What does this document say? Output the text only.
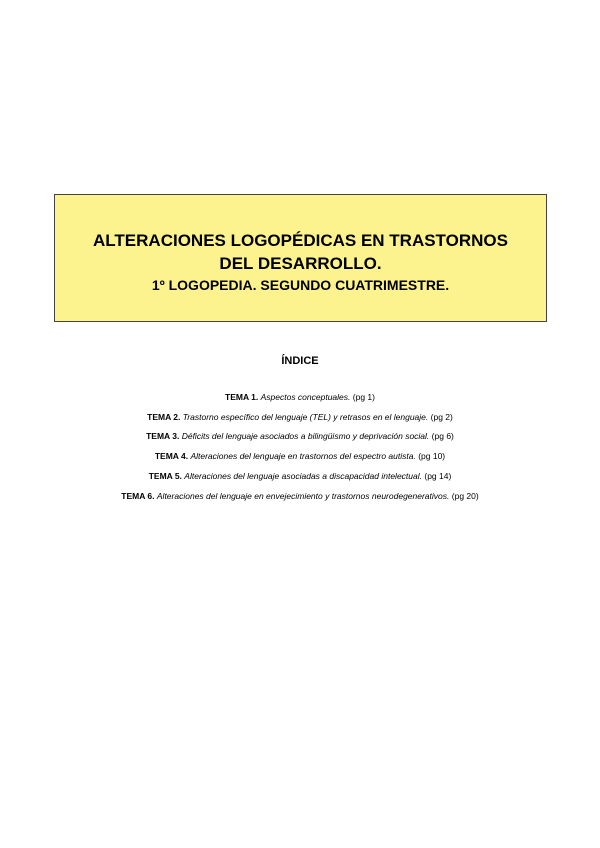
ALTERACIONES LOGOPÉDICAS EN TRASTORNOS DEL DESARROLLO.
1º LOGOPEDIA. SEGUNDO CUATRIMESTRE.
ÍNDICE
TEMA 1. Aspectos conceptuales. (pg 1)
TEMA 2. Trastorno específico del lenguaje (TEL) y retrasos en el lenguaje. (pg 2)
TEMA 3. Déficits del lenguaje asociados a bilingüismo y deprivación social. (pg 6)
TEMA 4. Alteraciones del lenguaje en trastornos del espectro autista. (pg 10)
TEMA 5. Alteraciones del lenguaje asociadas a discapacidad intelectual. (pg 14)
TEMA 6. Alteraciones del lenguaje en envejecimiento y trastornos neurodegenerativos. (pg 20)
